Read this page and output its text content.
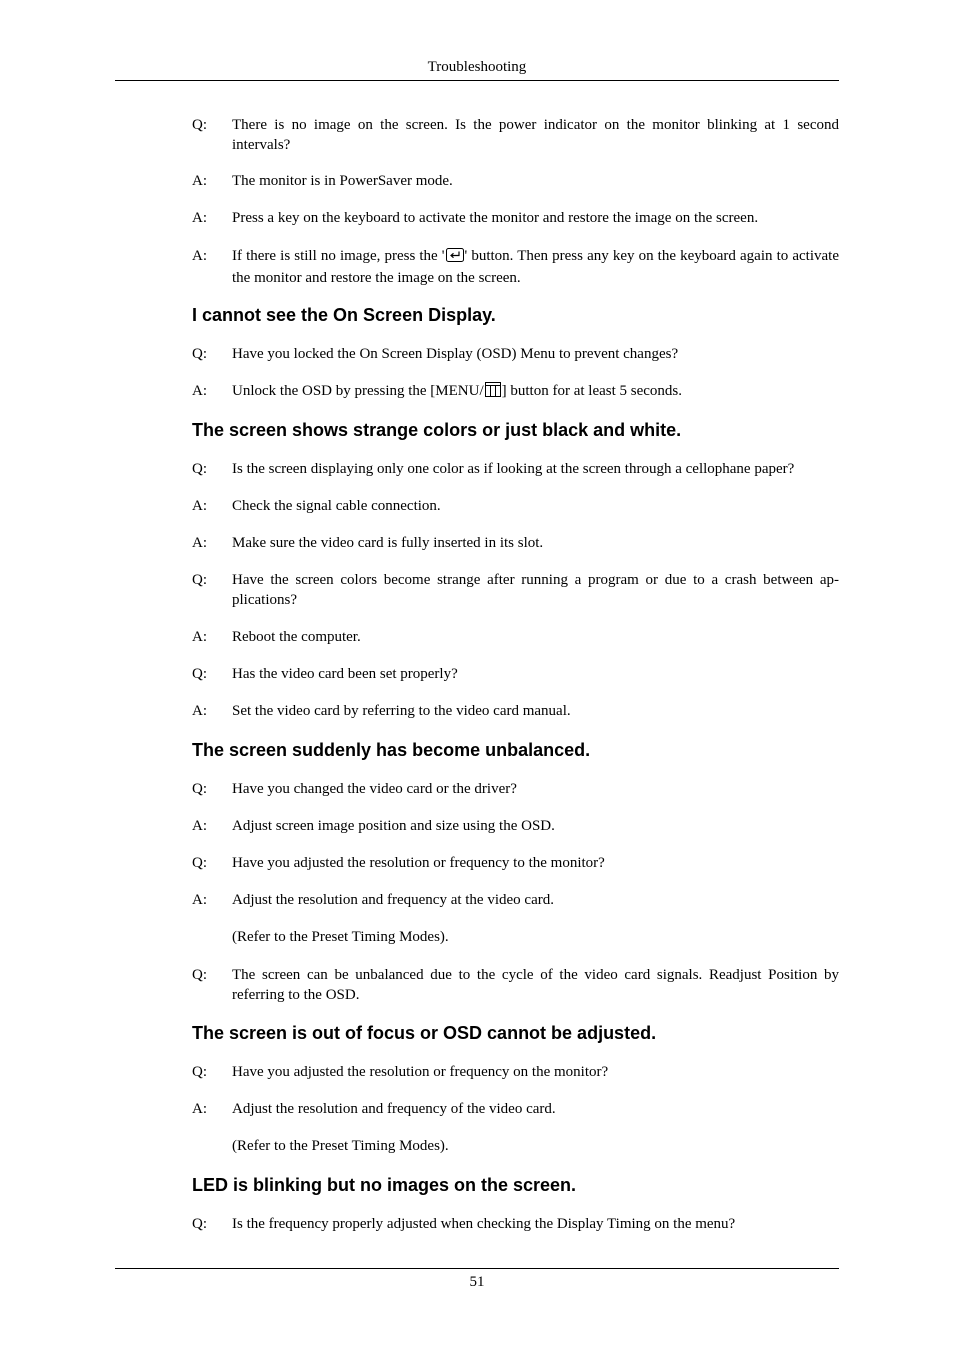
Troubleshooting
Q:	There is no image on the screen. Is the power indicator on the monitor blinking at 1 second intervals?
A:	The monitor is in PowerSaver mode.
A:	Press a key on the keyboard to activate the monitor and restore the image on the screen.
A:	If there is still no image, press the ' ' button. Then press any key on the keyboard again to activate the monitor and restore the image on the screen.
I cannot see the On Screen Display.
Q:	Have you locked the On Screen Display (OSD) Menu to prevent changes?
A:	Unlock the OSD by pressing the [MENU/ ] button for at least 5 seconds.
The screen shows strange colors or just black and white.
Q:	Is the screen displaying only one color as if looking at the screen through a cellophane paper?
A:	Check the signal cable connection.
A:	Make sure the video card is fully inserted in its slot.
Q:	Have the screen colors become strange after running a program or due to a crash between ap-plications?
A:	Reboot the computer.
Q:	Has the video card been set properly?
A:	Set the video card by referring to the video card manual.
The screen suddenly has become unbalanced.
Q:	Have you changed the video card or the driver?
A:	Adjust screen image position and size using the OSD.
Q:	Have you adjusted the resolution or frequency to the monitor?
A:	Adjust the resolution and frequency at the video card.
(Refer to the Preset Timing Modes).
Q:	The screen can be unbalanced due to the cycle of the video card signals. Readjust Position by referring to the OSD.
The screen is out of focus or OSD cannot be adjusted.
Q:	Have you adjusted the resolution or frequency on the monitor?
A:	Adjust the resolution and frequency of the video card.
(Refer to the Preset Timing Modes).
LED is blinking but no images on the screen.
Q:	Is the frequency properly adjusted when checking the Display Timing on the menu?
51
